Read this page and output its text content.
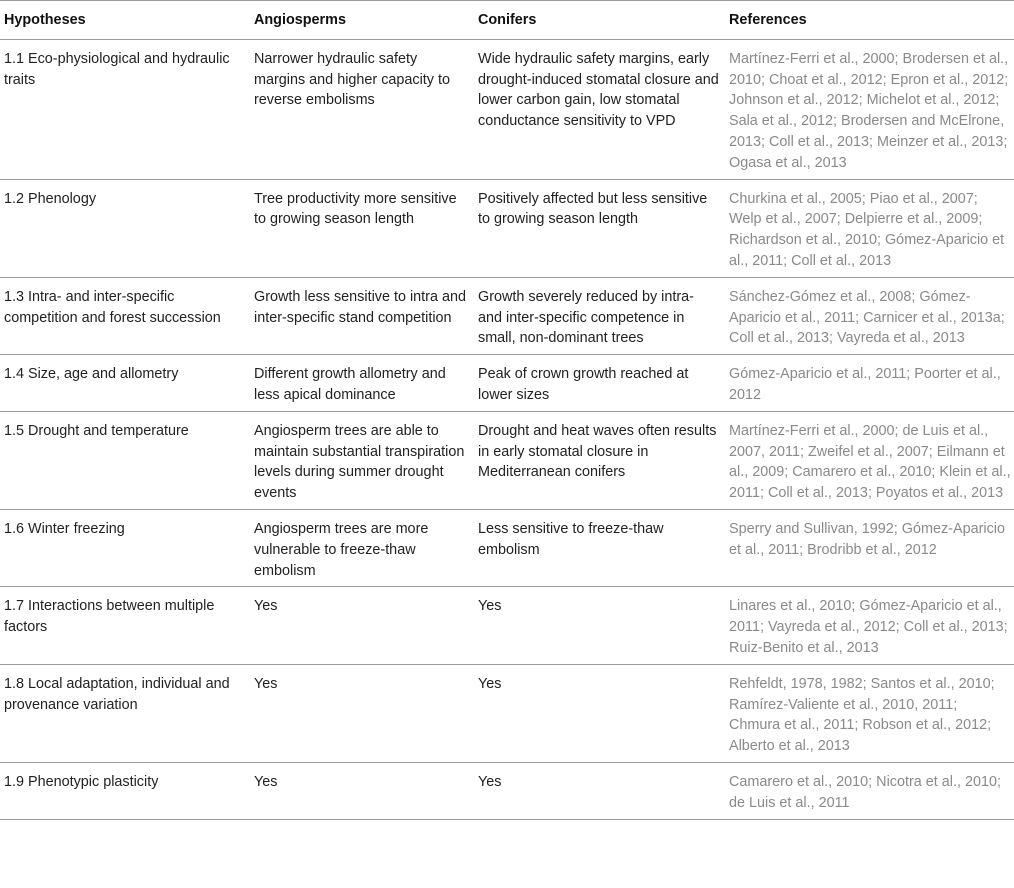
Hypotheses	Angiosperms	Conifers	References
1.1 Eco-physiological and hydraulic traits	Narrower hydraulic safety margins and higher capacity to reverse embolisms	Wide hydraulic safety margins, early drought-induced stomatal closure and lower carbon gain, low stomatal conductance sensitivity to VPD	Martínez-Ferri et al., 2000; Brodersen et al., 2010; Choat et al., 2012; Epron et al., 2012; Johnson et al., 2012; Michelot et al., 2012; Sala et al., 2012; Brodersen and McElrone, 2013; Coll et al., 2013; Meinzer et al., 2013; Ogasa et al., 2013
1.2 Phenology	Tree productivity more sensitive to growing season length	Positively affected but less sensitive to growing season length	Churkina et al., 2005; Piao et al., 2007; Welp et al., 2007; Delpierre et al., 2009; Richardson et al., 2010; Gómez-Aparicio et al., 2011; Coll et al., 2013
1.3 Intra- and inter-specific competition and forest succession	Growth less sensitive to intra and inter-specific stand competition	Growth severely reduced by intra- and inter-specific competence in small, non-dominant trees	Sánchez-Gómez et al., 2008; Gómez-Aparicio et al., 2011; Carnicer et al., 2013a; Coll et al., 2013; Vayreda et al., 2013
1.4 Size, age and allometry	Different growth allometry and less apical dominance	Peak of crown growth reached at lower sizes	Gómez-Aparicio et al., 2011; Poorter et al., 2012
1.5 Drought and temperature	Angiosperm trees are able to maintain substantial transpiration levels during summer drought events	Drought and heat waves often results in early stomatal closure in Mediterranean conifers	Martínez-Ferri et al., 2000; de Luis et al., 2007, 2011; Zweifel et al., 2007; Eilmann et al., 2009; Camarero et al., 2010; Klein et al., 2011; Coll et al., 2013; Poyatos et al., 2013
1.6 Winter freezing	Angiosperm trees are more vulnerable to freeze-thaw embolism	Less sensitive to freeze-thaw embolism	Sperry and Sullivan, 1992; Gómez-Aparicio et al., 2011; Brodribb et al., 2012
1.7 Interactions between multiple factors	Yes	Yes	Linares et al., 2010; Gómez-Aparicio et al., 2011; Vayreda et al., 2012; Coll et al., 2013; Ruiz-Benito et al., 2013
1.8 Local adaptation, individual and provenance variation	Yes	Yes	Rehfeldt, 1978, 1982; Santos et al., 2010; Ramírez-Valiente et al., 2010, 2011; Chmura et al., 2011; Robson et al., 2012; Alberto et al., 2013
1.9 Phenotypic plasticity	Yes	Yes	Camarero et al., 2010; Nicotra et al., 2010; de Luis et al., 2011
